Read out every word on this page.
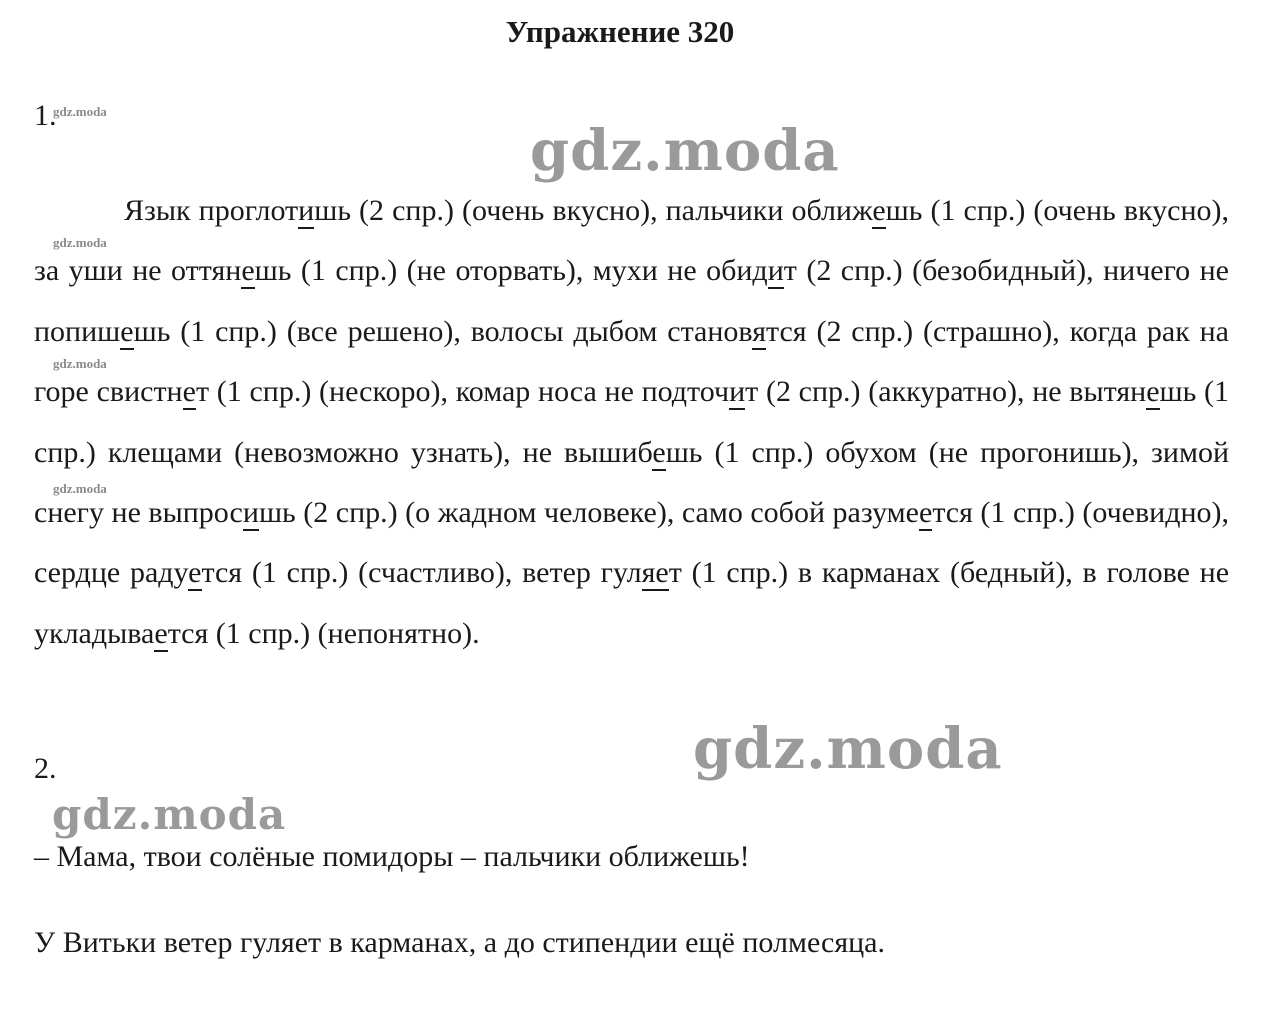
Упражнение 320
1.

Язык проглотишь (2 спр.) (очень вкусно), пальчики оближешь (1 спр.) (очень вкусно), за уши не оттянешь (1 спр.) (не оторвать), мухи не обидит (2 спр.) (безобидный), ничего не попишешь (1 спр.) (все решено), волосы дыбом становятся (2 спр.) (страшно), когда рак на горе свистнет (1 спр.) (нескоро), комар носа не подточит (2 спр.) (аккуратно), не вытянешь (1 спр.) клещами (невозможно узнать), не вышибешь (1 спр.) обухом (не прогонишь), зимой снегу не выпросишь (2 спр.) (о жадном человеке), само собой разумеется (1 спр.) (очевидно), сердце радуется (1 спр.) (счастливо), ветер гуляет (1 спр.) в карманах (бедный), в голове не укладывается (1 спр.) (непонятно).

2.
– Мама, твои солёные помидоры – пальчики оближешь!
У Витьки ветер гуляет в карманах, а до стипендии ещё полмесяца.
gdz.moda
gdz.moda
gdz.moda
gdz.moda
gdz.moda
gdz.moda
gdz.moda
